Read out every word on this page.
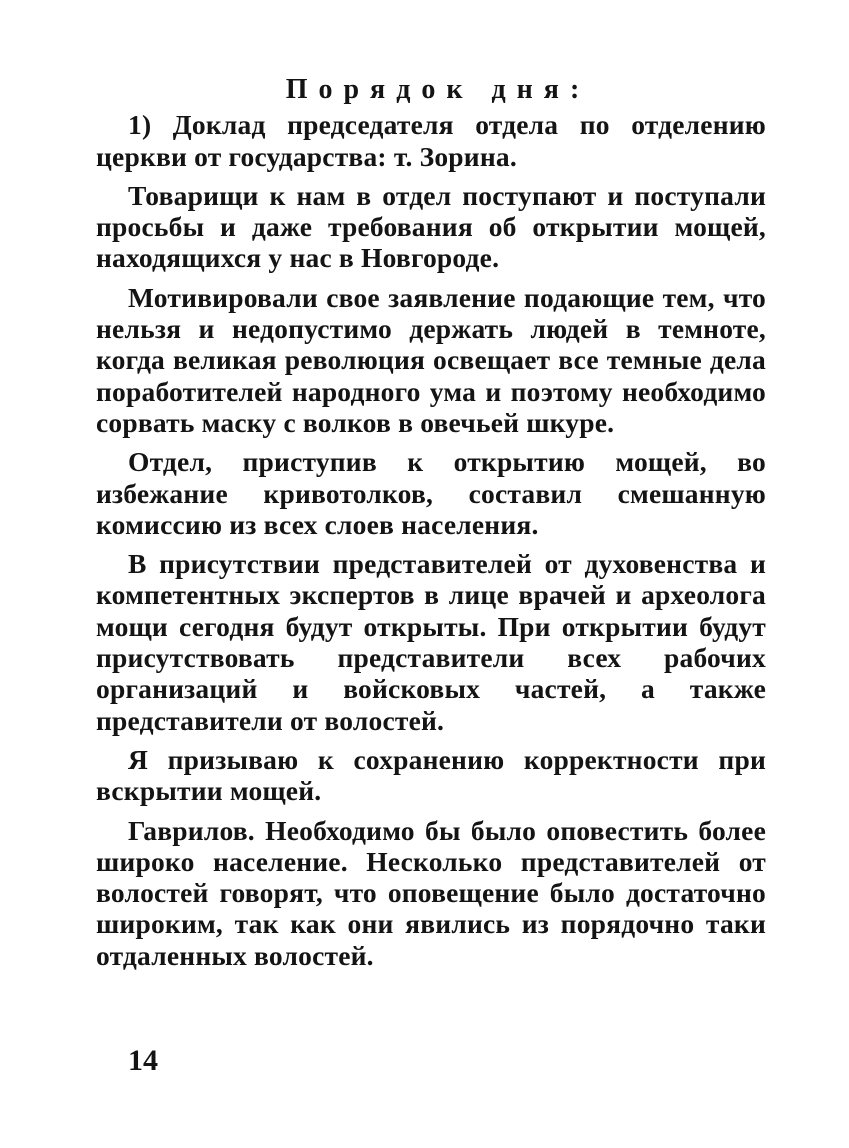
Порядок дня:

1) Доклад председателя отдела по отделению церкви от государства: т. Зорина.

Товарищи к нам в отдел поступают и поступали просьбы и даже требования об открытии мощей, находящихся у нас в Новгороде.

Мотивировали свое заявление подающие тем, что нельзя и недопустимо держать людей в темноте, когда великая революция освещает все темные дела поработителей народного ума и поэтому необходимо сорвать маску с волков в овечьей шкуре.

Отдел, приступив к открытию мощей, во избежание кривотолков, составил смешанную комиссию из всех слоев населения.

В присутствии представителей от духовенства и компетентных экспертов в лице врачей и археолога мощи сегодня будут открыты. При открытии будут присутствовать представители всех рабочих организаций и войсковых частей, а также представители от волостей.

Я призываю к сохранению корректности при вскрытии мощей.

Гаврилов. Необходимо бы было оповестить более широко население. Несколько представителей от волостей говорят, что оповещение было достаточно широким, так как они явились из порядочно таки отдаленных волостей.

14
